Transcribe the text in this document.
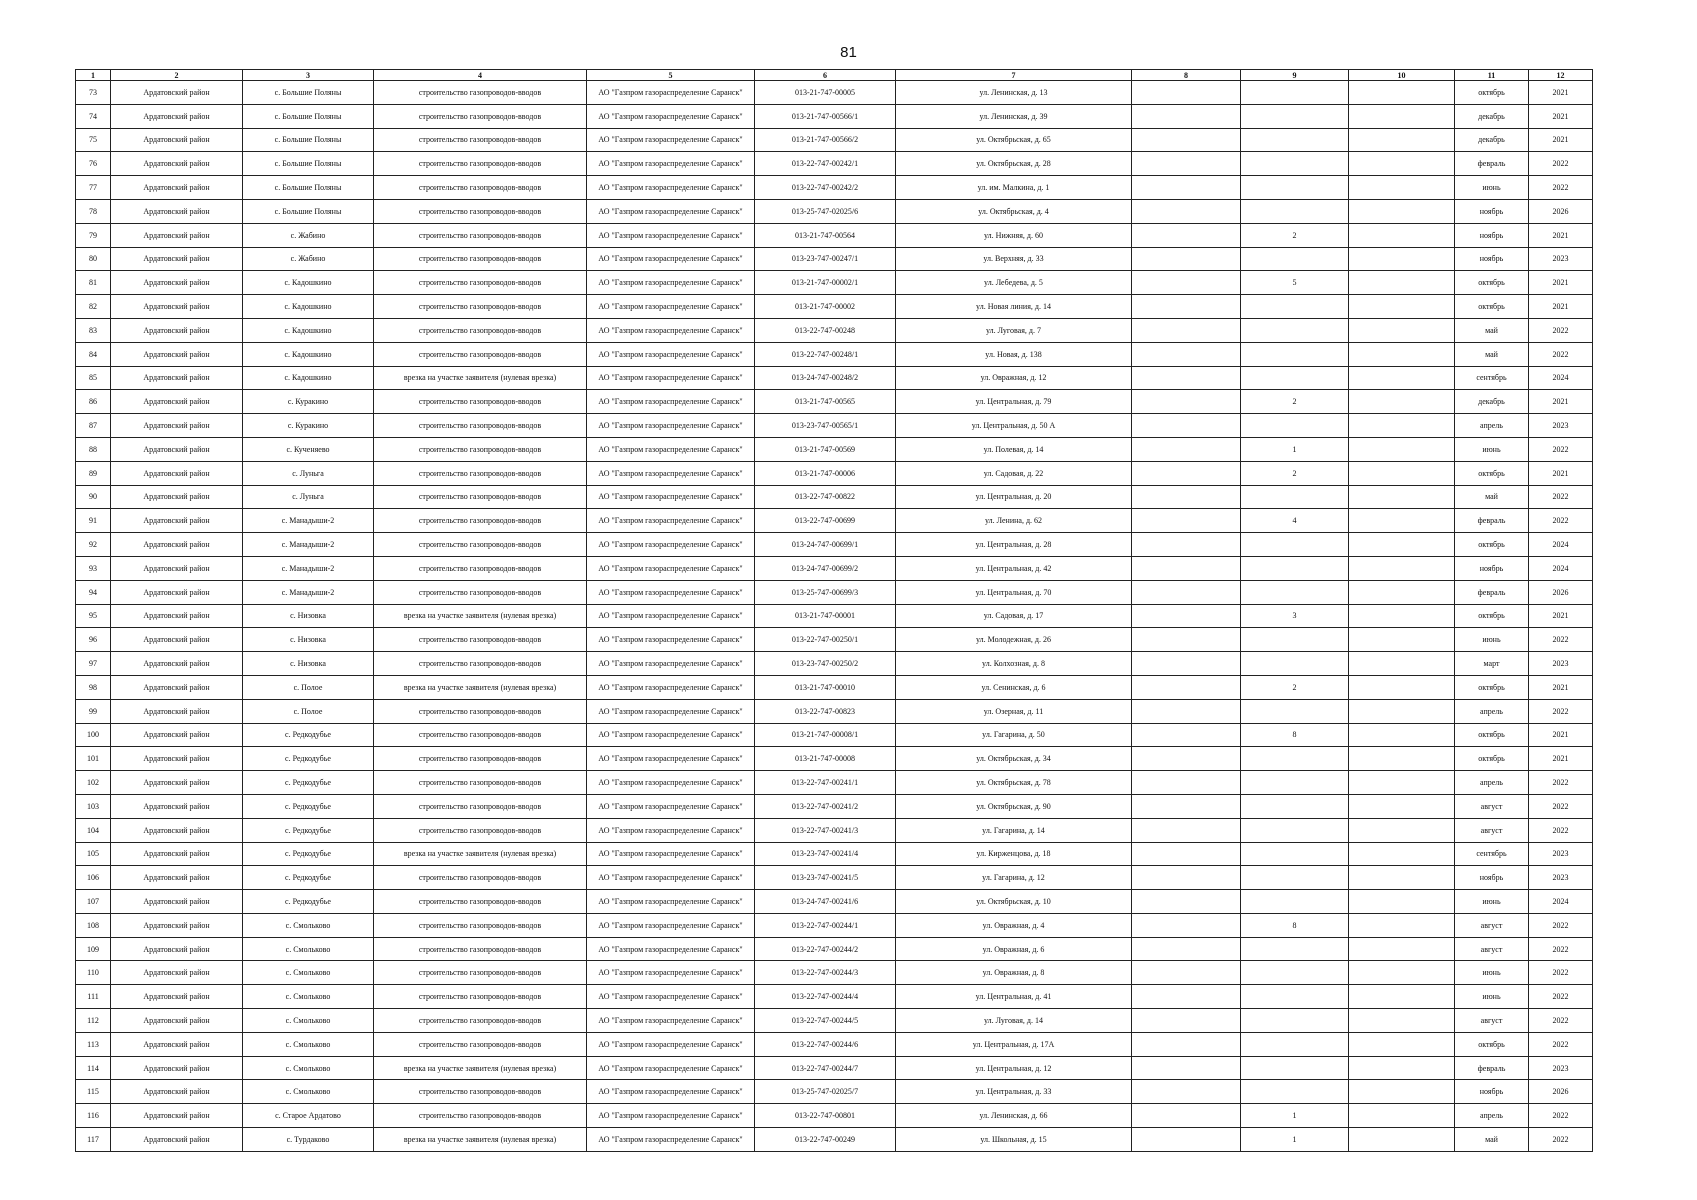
81
1	2	3	4	5	6	7	8	9	10	11	12
73	Ардатовский район	с. Большие Поляны	строительство газопроводов-вводов	АО "Газпром газораспределение Саранск"	013-21-747-00005	ул. Ленинская, д. 13				октябрь	2021
74	Ардатовский район	с. Большие Поляны	строительство газопроводов-вводов	АО "Газпром газораспределение Саранск"	013-21-747-00566/1	ул. Ленинская, д. 39				декабрь	2021
75	Ардатовский район	с. Большие Поляны	строительство газопроводов-вводов	АО "Газпром газораспределение Саранск"	013-21-747-00566/2	ул. Октябрьская, д. 65				декабрь	2021
76	Ардатовский район	с. Большие Поляны	строительство газопроводов-вводов	АО "Газпром газораспределение Саранск"	013-22-747-00242/1	ул. Октябрьская, д. 28				февраль	2022
77	Ардатовский район	с. Большие Поляны	строительство газопроводов-вводов	АО "Газпром газораспределение Саранск"	013-22-747-00242/2	ул. им. Малкина, д. 1				июнь	2022
78	Ардатовский район	с. Большие Поляны	строительство газопроводов-вводов	АО "Газпром газораспределение Саранск"	013-25-747-02025/6	ул. Октябрьская, д. 4				ноябрь	2026
79	Ардатовский район	с. Жабино	строительство газопроводов-вводов	АО "Газпром газораспределение Саранск"	013-21-747-00564	ул. Нижняя, д. 60		2		ноябрь	2021
80	Ардатовский район	с. Жабино	строительство газопроводов-вводов	АО "Газпром газораспределение Саранск"	013-23-747-00247/1	ул. Верхняя, д. 33				ноябрь	2023
81	Ардатовский район	с. Кадошкино	строительство газопроводов-вводов	АО "Газпром газораспределение Саранск"	013-21-747-00002/1	ул. Лебедева, д. 5		5		октябрь	2021
82	Ардатовский район	с. Кадошкино	строительство газопроводов-вводов	АО "Газпром газораспределение Саранск"	013-21-747-00002	ул. Новая линия, д. 14				октябрь	2021
83	Ардатовский район	с. Кадошкино	строительство газопроводов-вводов	АО "Газпром газораспределение Саранск"	013-22-747-00248	ул. Луговая, д. 7				май	2022
84	Ардатовский район	с. Кадошкино	строительство газопроводов-вводов	АО "Газпром газораспределение Саранск"	013-22-747-00248/1	ул. Новая, д. 138				май	2022
85	Ардатовский район	с. Кадошкино	врезка на участке заявителя (нулевая врезка)	АО "Газпром газораспределение Саранск"	013-24-747-00248/2	ул. Овражная, д. 12				сентябрь	2024
86	Ардатовский район	с. Куракино	строительство газопроводов-вводов	АО "Газпром газораспределение Саранск"	013-21-747-00565	ул. Центральная, д. 79		2		декабрь	2021
87	Ардатовский район	с. Куракино	строительство газопроводов-вводов	АО "Газпром газораспределение Саранск"	013-23-747-00565/1	ул. Центральная, д. 50 А				апрель	2023
88	Ардатовский район	с. Кученяево	строительство газопроводов-вводов	АО "Газпром газораспределение Саранск"	013-21-747-00569	ул. Полевая, д. 14		1		июнь	2022
89	Ардатовский район	с. Луньга	строительство газопроводов-вводов	АО "Газпром газораспределение Саранск"	013-21-747-00006	ул. Садовая, д. 22		2		октябрь	2021
90	Ардатовский район	с. Луньга	строительство газопроводов-вводов	АО "Газпром газораспределение Саранск"	013-22-747-00822	ул. Центральная, д. 20				май	2022
91	Ардатовский район	с. Манадыши-2	строительство газопроводов-вводов	АО "Газпром газораспределение Саранск"	013-22-747-00699	ул. Ленина, д. 62		4		февраль	2022
92	Ардатовский район	с. Манадыши-2	строительство газопроводов-вводов	АО "Газпром газораспределение Саранск"	013-24-747-00699/1	ул. Центральная, д. 28				октябрь	2024
93	Ардатовский район	с. Манадыши-2	строительство газопроводов-вводов	АО "Газпром газораспределение Саранск"	013-24-747-00699/2	ул. Центральная, д. 42				ноябрь	2024
94	Ардатовский район	с. Манадыши-2	строительство газопроводов-вводов	АО "Газпром газораспределение Саранск"	013-25-747-00699/3	ул. Центральная, д. 70				февраль	2026
95	Ардатовский район	с. Низовка	врезка на участке заявителя (нулевая врезка)	АО "Газпром газораспределение Саранск"	013-21-747-00001	ул. Садовая, д. 17		3		октябрь	2021
96	Ардатовский район	с. Низовка	строительство газопроводов-вводов	АО "Газпром газораспределение Саранск"	013-22-747-00250/1	ул. Молодежная, д. 26				июнь	2022
97	Ардатовский район	с. Низовка	строительство газопроводов-вводов	АО "Газпром газораспределение Саранск"	013-23-747-00250/2	ул. Колхозная, д. 8				март	2023
98	Ардатовский район	с. Полое	врезка на участке заявителя (нулевая врезка)	АО "Газпром газораспределение Саранск"	013-21-747-00010	ул. Сенинская, д. 6		2		октябрь	2021
99	Ардатовский район	с. Полое	строительство газопроводов-вводов	АО "Газпром газораспределение Саранск"	013-22-747-00823	ул. Озерная, д. 11				апрель	2022
100	Ардатовский район	с. Редкодубье	строительство газопроводов-вводов	АО "Газпром газораспределение Саранск"	013-21-747-00008/1	ул. Гагарина, д. 50		8		октябрь	2021
101	Ардатовский район	с. Редкодубье	строительство газопроводов-вводов	АО "Газпром газораспределение Саранск"	013-21-747-00008	ул. Октябрьская, д. 34				октябрь	2021
102	Ардатовский район	с. Редкодубье	строительство газопроводов-вводов	АО "Газпром газораспределение Саранск"	013-22-747-00241/1	ул. Октябрьская, д. 78				апрель	2022
103	Ардатовский район	с. Редкодубье	строительство газопроводов-вводов	АО "Газпром газораспределение Саранск"	013-22-747-00241/2	ул. Октябрьская, д. 90				август	2022
104	Ардатовский район	с. Редкодубье	строительство газопроводов-вводов	АО "Газпром газораспределение Саранск"	013-22-747-00241/3	ул. Гагарина, д. 14				август	2022
105	Ардатовский район	с. Редкодубье	врезка на участке заявителя (нулевая врезка)	АО "Газпром газораспределение Саранск"	013-23-747-00241/4	ул. Кирженцова, д. 18				сентябрь	2023
106	Ардатовский район	с. Редкодубье	строительство газопроводов-вводов	АО "Газпром газораспределение Саранск"	013-23-747-00241/5	ул. Гагарина, д. 12				ноябрь	2023
107	Ардатовский район	с. Редкодубье	строительство газопроводов-вводов	АО "Газпром газораспределение Саранск"	013-24-747-00241/6	ул. Октябрьская, д. 10				июнь	2024
108	Ардатовский район	с. Смольково	строительство газопроводов-вводов	АО "Газпром газораспределение Саранск"	013-22-747-00244/1	ул. Овражная, д. 4		8		август	2022
109	Ардатовский район	с. Смольково	строительство газопроводов-вводов	АО "Газпром газораспределение Саранск"	013-22-747-00244/2	ул. Овражная, д. 6				август	2022
110	Ардатовский район	с. Смольково	строительство газопроводов-вводов	АО "Газпром газораспределение Саранск"	013-22-747-00244/3	ул. Овражная, д. 8				июнь	2022
111	Ардатовский район	с. Смольково	строительство газопроводов-вводов	АО "Газпром газораспределение Саранск"	013-22-747-00244/4	ул. Центральная, д. 41				июнь	2022
112	Ардатовский район	с. Смольково	строительство газопроводов-вводов	АО "Газпром газораспределение Саранск"	013-22-747-00244/5	ул. Луговая, д. 14				август	2022
113	Ардатовский район	с. Смольково	строительство газопроводов-вводов	АО "Газпром газораспределение Саранск"	013-22-747-00244/6	ул. Центральная, д. 17А				октябрь	2022
114	Ардатовский район	с. Смольково	врезка на участке заявителя (нулевая врезка)	АО "Газпром газораспределение Саранск"	013-22-747-00244/7	ул. Центральная, д. 12				февраль	2023
115	Ардатовский район	с. Смольково	строительство газопроводов-вводов	АО "Газпром газораспределение Саранск"	013-25-747-02025/7	ул. Центральная, д. 33				ноябрь	2026
116	Ардатовский район	с. Старое Ардатово	строительство газопроводов-вводов	АО "Газпром газораспределение Саранск"	013-22-747-00801	ул. Ленинская, д. 66		1		апрель	2022
117	Ардатовский район	с. Турдаково	врезка на участке заявителя (нулевая врезка)	АО "Газпром газораспределение Саранск"	013-22-747-00249	ул. Школьная, д. 15		1		май	2022
